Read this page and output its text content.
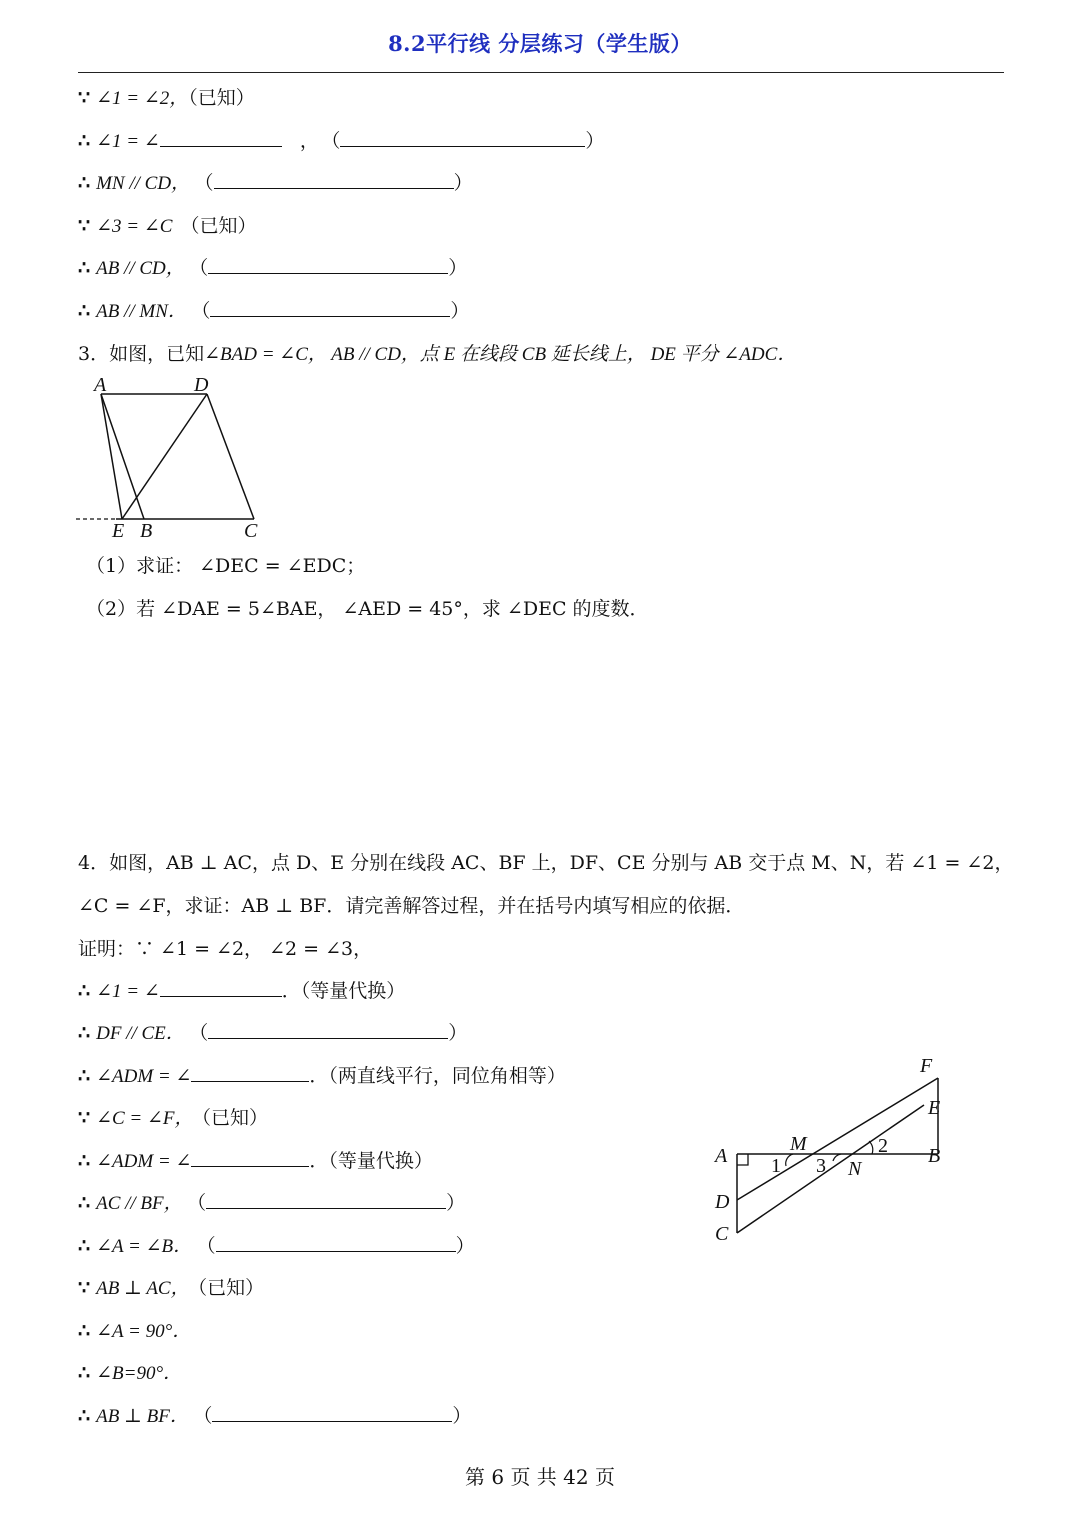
8.2平行线 分层练习（学生版）
∵ ∠1 = ∠2，（已知）
∴ ∠1 = ∠	， （	）
∴ MN // CD， （	）
∵ ∠3 = ∠C （已知）
∴ AB // CD， （	）
∴ AB // MN． （	）
3．如图，已知∠BAD = ∠C， AB // CD，点 E 在线段 CB 延长线上， DE 平分 ∠ADC．
A	D
E B	C
（1）求证： ∠DEC = ∠EDC；
（2）若 ∠DAE = 5∠BAE， ∠AED = 45°，求 ∠DEC 的度数．
4．如图，AB ⊥ AC，点 D、E 分别在线段 AC、BF 上，DF、CE 分别与 AB 交于点 M、N，若 ∠1 = ∠2，
∠C = ∠F，求证：AB ⊥ BF．请完善解答过程，并在括号内填写相应的依据．
证明：∵ ∠1 = ∠2， ∠2 = ∠3，
∴ ∠1 = ∠	．（等量代换）
∴ DF // CE． （	）
∴ ∠ADM = ∠	．（两直线平行，同位角相等）
∵ ∠C = ∠F， （已知）
∴ ∠ADM = ∠	．（等量代换）
∴ AC // BF， （	）
∴ ∠A = ∠B． （	）
∵ AB ⊥ AC， （已知）
∴ ∠A = 90°．
∴ ∠B=90°．
∴ AB ⊥ BF． （	）
F
E
A
M
B
1 3
2
N
D
C
第 6 页 共 42 页
